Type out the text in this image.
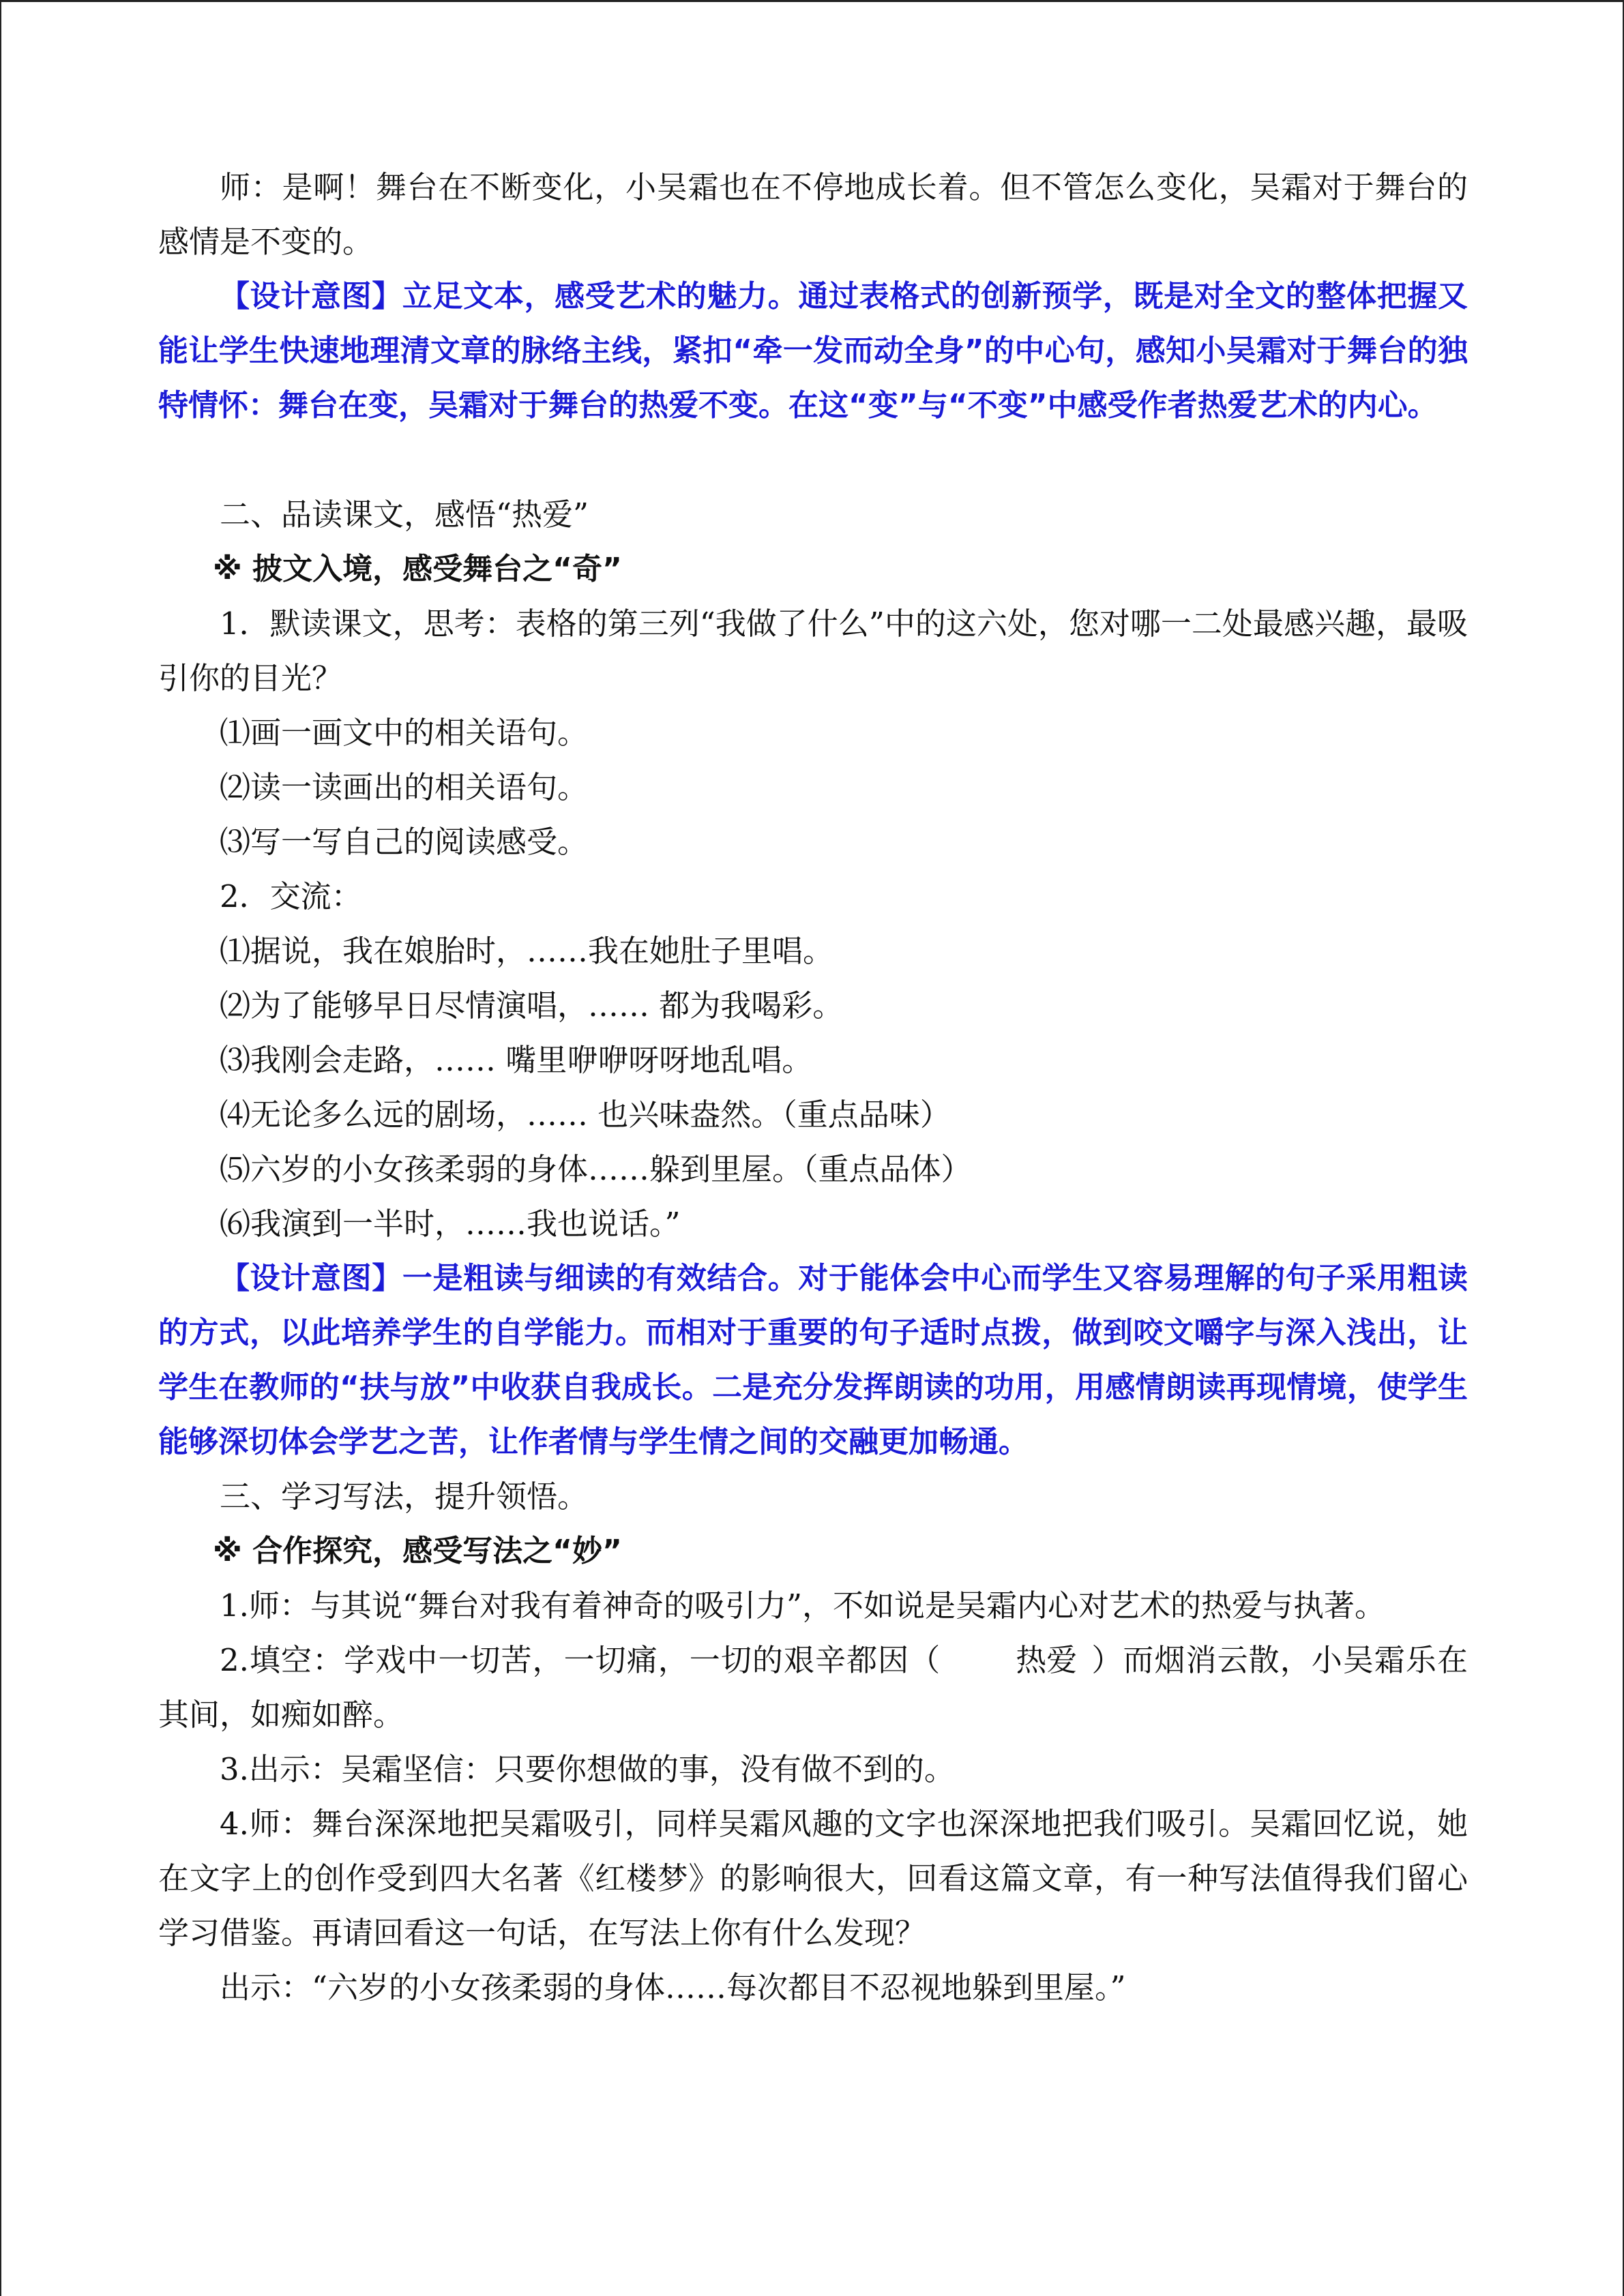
师：是啊！舞台在不断变化，小吴霜也在不停地成长着。但不管怎么变化，吴霜对于舞台的感情是不变的。

【设计意图】立足文本，感受艺术的魅力。通过表格式的创新预学，既是对全文的整体把握又能让学生快速地理清文章的脉络主线，紧扣“牵一发而动全身”的中心句，感知小吴霜对于舞台的独特情怀：舞台在变，吴霜对于舞台的热爱不变。在这“变”与“不变”中感受作者热爱艺术的内心。

二、品读课文，感悟“热爱”

※ 披文入境，感受舞台之“奇”

1．默读课文，思考：表格的第三列“我做了什么”中的这六处，您对哪一二处最感兴趣，最吸引你的目光？

⑴画一画文中的相关语句。

⑵读一读画出的相关语句。

⑶写一写自己的阅读感受。

2．交流：

⑴据说，我在娘胎时，……我在她肚子里唱。

⑵为了能够早日尽情演唱，…… 都为我喝彩。

⑶我刚会走路，…… 嘴里咿咿呀呀地乱唱。

⑷无论多么远的剧场，…… 也兴味盎然。（重点品味）

⑸六岁的小女孩柔弱的身体……躲到里屋。（重点品体）

⑹我演到一半时，……我也说话。”

【设计意图】一是粗读与细读的有效结合。对于能体会中心而学生又容易理解的句子采用粗读的方式，以此培养学生的自学能力。而相对于重要的句子适时点拨，做到咬文嚼字与深入浅出，让学生在教师的“扶与放”中收获自我成长。二是充分发挥朗读的功用，用感情朗读再现情境，使学生能够深切体会学艺之苦，让作者情与学生情之间的交融更加畅通。

三、学习写法，提升领悟。

※ 合作探究，感受写法之“妙”

1.师：与其说“舞台对我有着神奇的吸引力”，不如说是吴霜内心对艺术的热爱与执著。

2.填空：学戏中一切苦，一切痛，一切的艰辛都因（ 热爱 ）而烟消云散，小吴霜乐在其间，如痴如醉。

3.出示：吴霜坚信：只要你想做的事，没有做不到的。

4.师：舞台深深地把吴霜吸引，同样吴霜风趣的文字也深深地把我们吸引。吴霜回忆说，她在文字上的创作受到四大名著《红楼梦》的影响很大，回看这篇文章，有一种写法值得我们留心学习借鉴。再请回看这一句话，在写法上你有什么发现？

出示：“六岁的小女孩柔弱的身体……每次都目不忍视地躲到里屋。”
